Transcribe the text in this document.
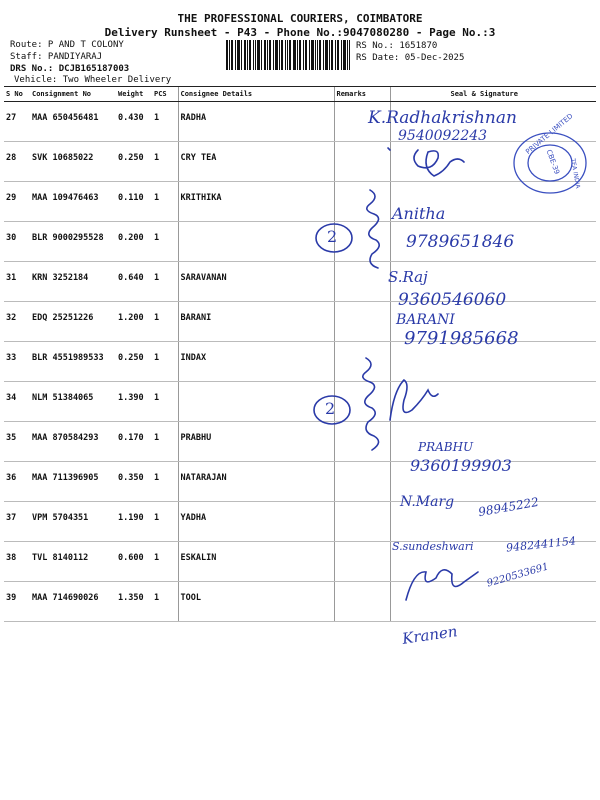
THE PROFESSIONAL COURIERS, COIMBATORE
Delivery Runsheet - P43 - Phone No.:9047080280 - Page No.:3
Route: P AND T COLONY
Staff: PANDIYARAJ
DRS No.: DCJB165187003
Vehicle: Two Wheeler Delivery
RS No.: 1651870
RS Date: 05-Dec-2025
S No	Consignment No	Weight	PCS	Consignee Details	Remarks	Seal & Signature
27	MAA 650456481	0.430	1	RADHA		
28	SVK 10685022	0.250	1	CRY TEA		
29	MAA 109476463	0.110	1	KRITHIKA		
30	BLR 9000295528	0.200	1			
31	KRN 3252184	0.640	1	SARAVANAN		
32	EDQ 25251226	1.200	1	BARANI		
33	BLR 4551989533	0.250	1	INDAX		
34	NLM 51384065	1.390	1			
35	MAA 870584293	0.170	1	PRABHU		
36	MAA 711396905	0.350	1	NATARAJAN		
37	VPM 5704351	1.190	1	YADHA		
38	TVL 8140112	0.600	1	ESKALIN		
39	MAA 714690026	1.350	1	TOOL		
PRIVATE LIMITED
CBE-39 TEA INDIA
K.Radhakrishnan
9540092243
Anitha
9789651846
S.Raj
9360546060
BARANI
9791985668
PRABHU
9360199903
N.Marg 98945222
S.sundeshwari	9482441154
9220533691
Kranen
2
2
